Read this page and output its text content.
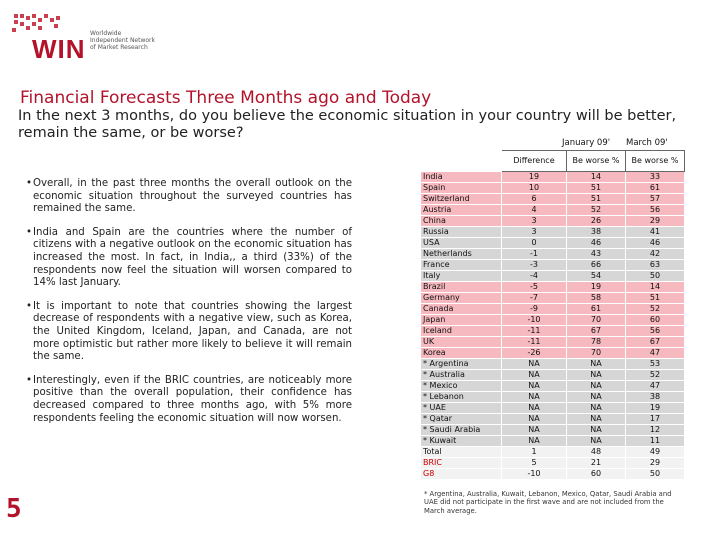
WIN
Worldwide
Independent Network
of Market Research
Financial Forecasts Three Months ago and Today
In the next 3 months, do you believe the economic situation in your country will be better, remain the same, or be worse?
January 09' March 09'
• Overall, in the past three months the overall outlook on the economic situation throughout the surveyed countries has remained the same.
• India and Spain are the countries where the number of citizens with a negative outlook on the economic situation has increased the most. In fact, in India,, a third (33%) of the respondents now feel the situation will worsen compared to 14% last January.
• It is important to note that countries showing the largest decrease of respondents with a negative view, such as Korea, the United Kingdom, Iceland, Japan, and Canada, are not more optimistic but rather more likely to believe it will remain the same.
• Interestingly, even if the BRIC countries, are noticeably more positive than the overall population, their confidence has decreased compared to three months ago, with 5% more respondents feeling the economic situation will now worsen.
	Difference	Be worse %	Be worse %
India	19	14	33
Spain	10	51	61
Switzerland	6	51	57
Austria	4	52	56
China	3	26	29
Russia	3	38	41
USA	0	46	46
Netherlands	-1	43	42
France	-3	66	63
Italy	-4	54	50
Brazil	-5	19	14
Germany	-7	58	51
Canada	-9	61	52
Japan	-10	70	60
Iceland	-11	67	56
UK	-11	78	67
Korea	-26	70	47
* Argentina	NA	NA	53
* Australia	NA	NA	52
* Mexico	NA	NA	47
* Lebanon	NA	NA	38
* UAE	NA	NA	19
* Qatar	NA	NA	17
* Saudi Arabia	NA	NA	12
* Kuwait	NA	NA	11
Total	1	48	49
BRIC	5	21	29
G8	-10	60	50
* Argentina, Australia, Kuwait, Lebanon, Mexico, Qatar, Saudi Arabia and UAE did not participate in the first wave and are not included from the March average.
5
